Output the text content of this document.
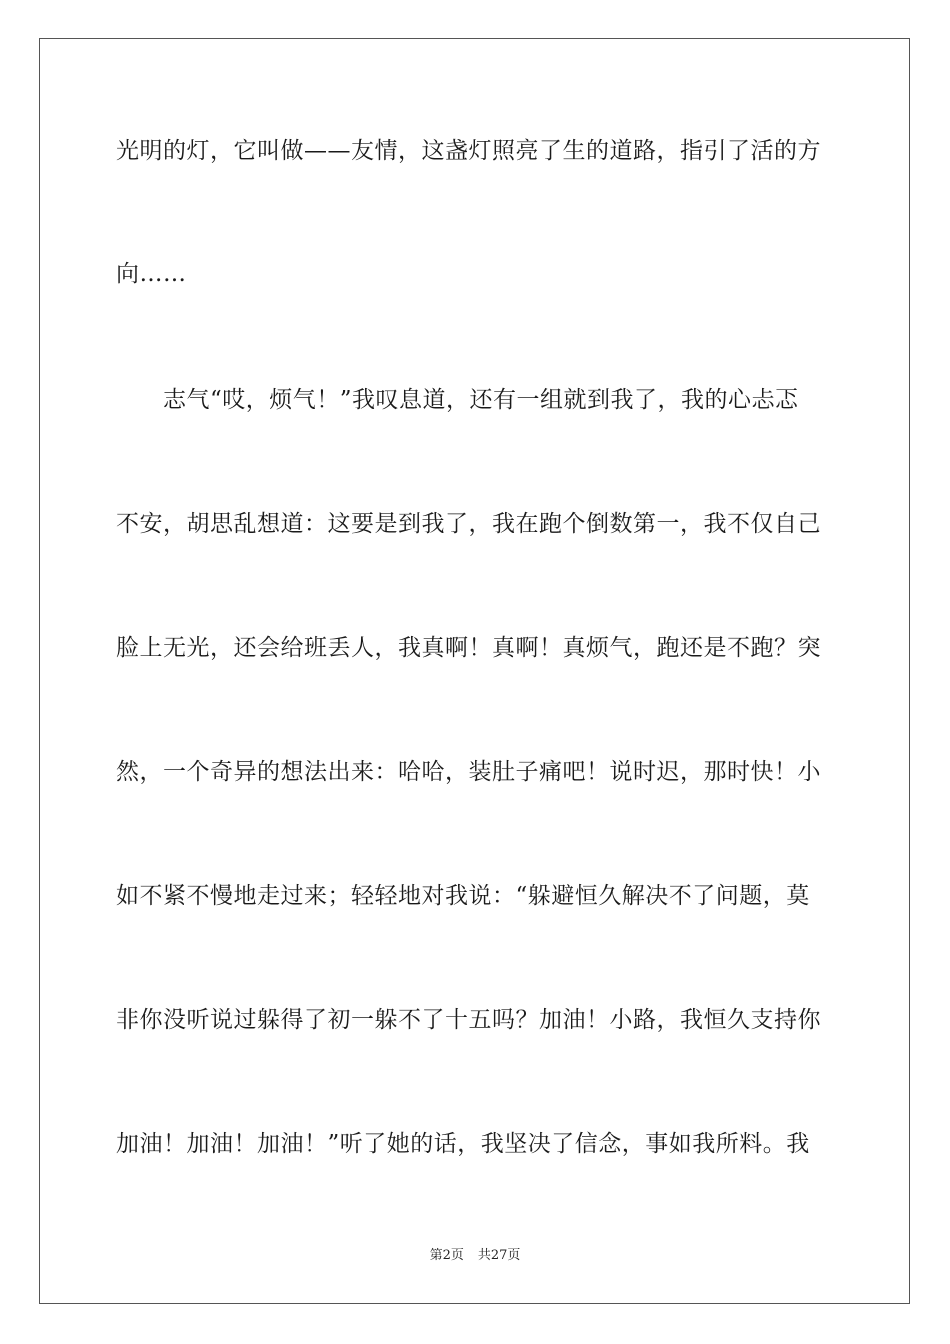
光明的灯，它叫做——友情，这盏灯照亮了生的道路，指引了活的方
向……
　　志气“哎，烦气！”我叹息道，还有一组就到我了，我的心忐忑
不安，胡思乱想道：这要是到我了，我在跑个倒数第一，我不仅自己
脸上无光，还会给班丢人，我真啊！真啊！真烦气，跑还是不跑？突
然，一个奇异的想法出来：哈哈，装肚子痛吧！说时迟，那时快！小
如不紧不慢地走过来；轻轻地对我说：“躲避恒久解决不了问题，莫
非你没听说过躲得了初一躲不了十五吗？加油！小路，我恒久支持你
加油！加油！加油！”听了她的话，我坚决了信念，事如我所料。我
第2页 共27页
